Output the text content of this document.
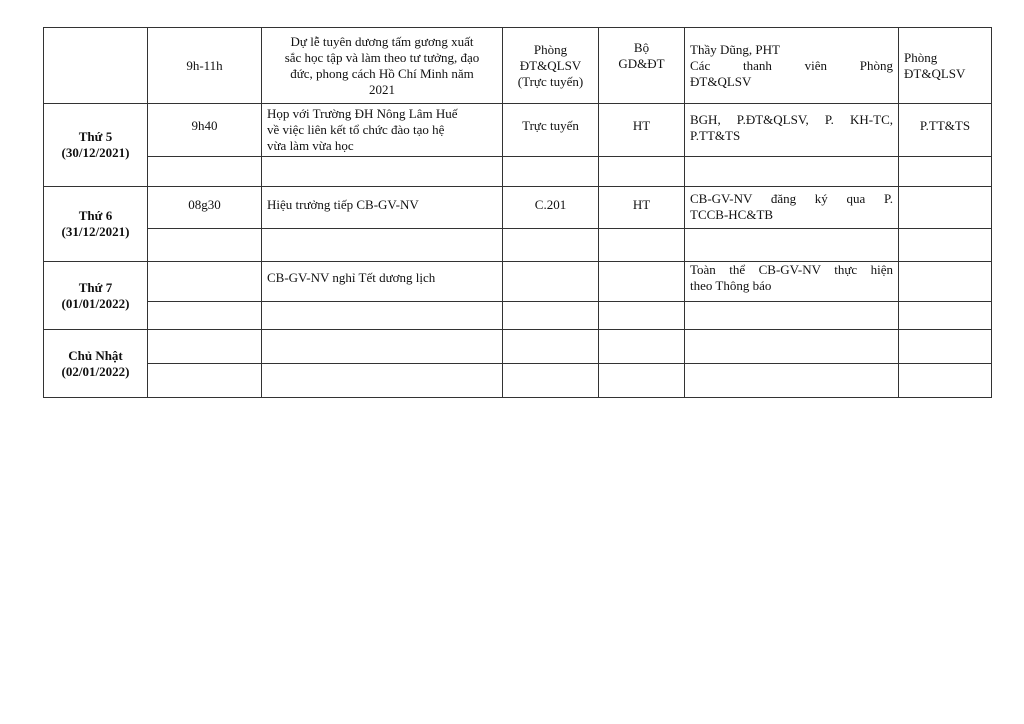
	9h-11h	Dự lễ tuyên dương tấm gương xuất
sắc học tập và làm theo tư tưởng, đạo
đức, phong cách Hồ Chí Minh năm
2021	Phòng
ĐT&QLSV
(Trực tuyến)	Bộ
GD&ĐT	Thầy Dũng, PHT
Các thanh viên Phòng
ĐT&QLSV	Phòng
ĐT&QLSV

Thứ 5
(30/12/2021)	9h40	Họp với Trường ĐH Nông Lâm Huế
về việc liên kết tổ chức đào tạo hệ
vừa làm vừa học	Trực tuyến	HT	BGH, P.ĐT&QLSV, P. KH-TC,
P.TT&TS	P.TT&TS

Thứ 6
(31/12/2021)	08g30	Hiệu trưởng tiếp CB-GV-NV	C.201	HT	CB-GV-NV đăng ký qua P.
TCCB-HC&TB	

Thứ 7
(01/01/2022)		CB-GV-NV nghỉ Tết dương lịch			Toàn thể CB-GV-NV thực hiện
theo Thông báo	

Chủ Nhật
(02/01/2022)						
